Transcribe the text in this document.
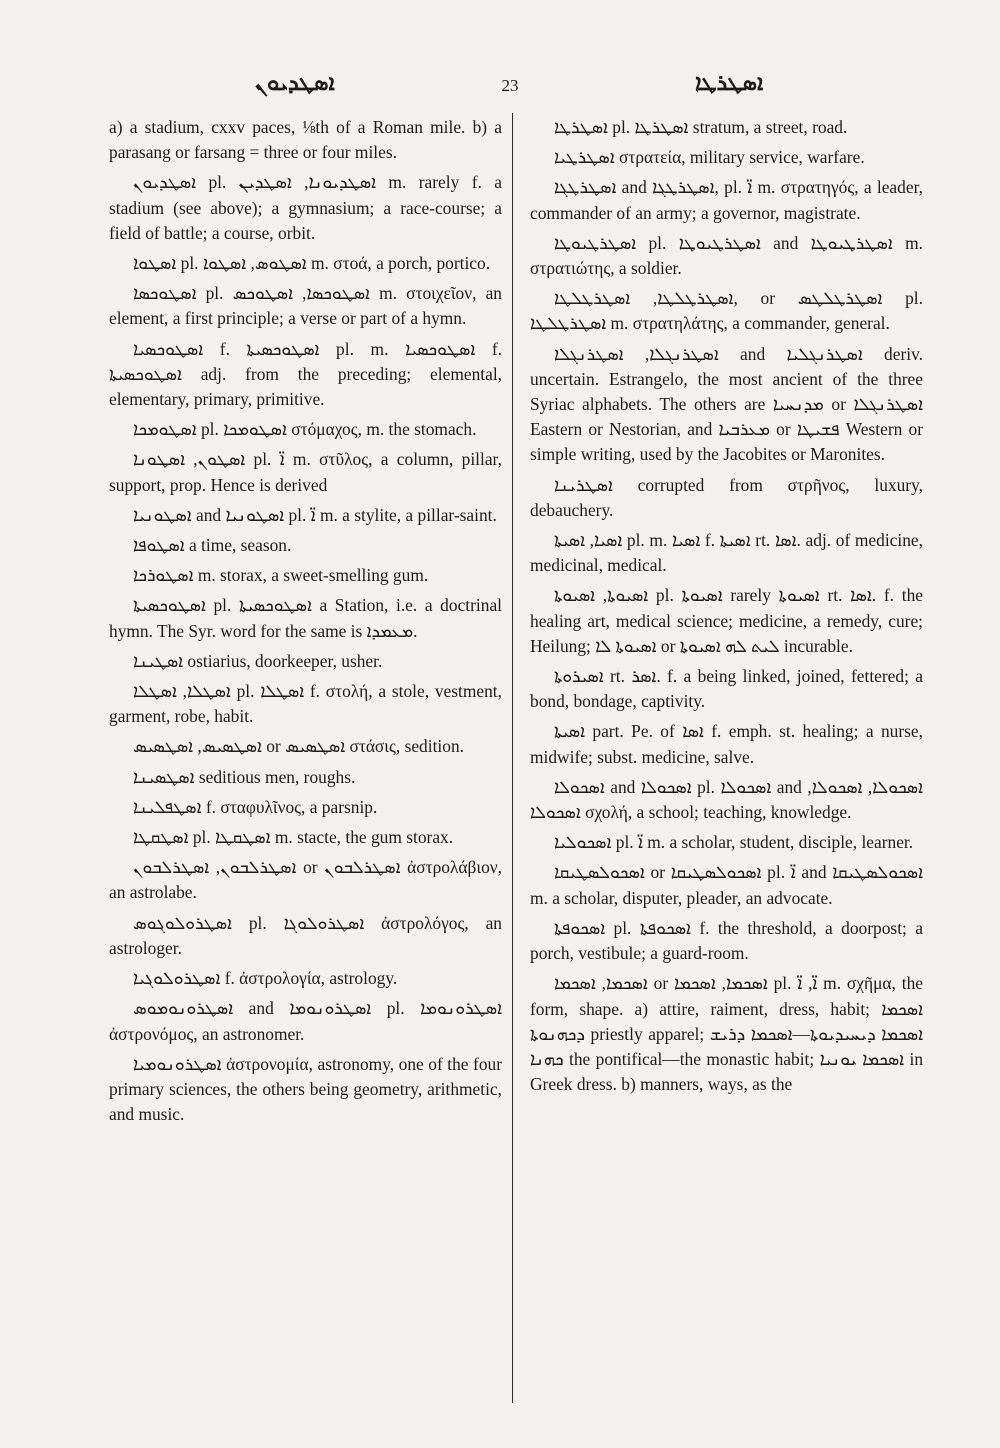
ܐܣܛܕܝܘܢ	23	ܐܣܛܪܛܐ

a) a stadium, cxxv paces, ⅛th of a Roman mile. b) a parasang or farsang = three or four miles.

ܐܣܛܕܝܘܢ pl. ܐܣܛܕܝܘܢܐ, ܐܣܛܕܝܢ m. rarely f. a stadium (see above); a gymnasium; a race-course; a field of battle; a course, orbit.

ܐܣܛܘܐ pl. ܐܣܛܘܣ, ܐܣܛܘܐ m. στοά, a porch, portico.

ܐܣܛܘܟܣܐ pl. ܐܣܛܘܟܣܐ, ܐܣܛܘܟܣ m. στοιχεῖον, an element, a first principle; a verse or part of a hymn.

ܐܣܛܘܟܣܝܐ f. ܐܣܛܘܟܣܝܬܐ pl. m. ܐܣܛܘܟܣܝܐ f. ܐܣܛܘܟܣܝܬܐ adj. from the preceding; elemental, elementary, primary, primitive.

ܐܣܛܘܡܟܐ pl. ܐܣܛܘܡܟܐ στόμαχος, m. the stomach.

ܐܣܛܘܢ, ܐܣܛܘܢܐ pl. ܐ̈ m. στῦλος, a column, pillar, support, prop. Hence is derived

ܐܣܛܘܢܝܐ and ܐܣܛܘܢܝܐ pl. ܐ̈ m. a stylite, a pillar-saint.

ܐܣܛܘܦܐ a time, season.

ܐܣܛܘܪܟܐ m. storax, a sweet-smelling gum.

ܐܣܛܘܟܣܝܬܐ pl. ܐܣܛܘܟܣܝܬܐ a Station, i.e. a doctrinal hymn. The Syr. word for the same is ܡܥܡܕܐ.

ܐܣܛܝܢܐ ostiarius, doorkeeper, usher.

ܐܣܛܠܐ, ܐܣܛܠܐ pl. ܐܣܛܠܐ f. στολή, a stole, vestment, garment, robe, habit.

ܐܣܛܣܝܣ, ܐܣܛܣܝܣ or ܐܣܛܣܝܣ στάσις, sedition.

ܐܣܛܣܝܢܐ seditious men, roughs.

ܐܣܛܦܠܝܢܐ f. σταφυλῖνος, a parsnip.

ܐܣܛܩܛܐ pl. ܐܣܛܩܛܐ m. stacte, the gum storax.

ܐܣܛܪܠܒܘܢ, ܐܣܛܪܠܒܘܢ or ܐܣܛܪܠܒܘܢ ἀστρολάβιον, an astrolabe.

ܐܣܛܪܘܠܘܓܘܣ pl. ܐܣܛܪܘܠܘܓܐ ἀστρολόγος, an astrologer.

ܐܣܛܪܘܠܘܓܝܐ f. ἀστρολογία, astrology.

ܐܣܛܪܘܢܘܡܘܣ and ܐܣܛܪܘܢܘܡܐ pl. ܐܣܛܪܘܢܘܡܐ ἀστρονόμος, an astronomer.

ܐܣܛܪܘܢܘܡܝܐ ἀστρονομία, astronomy, one of the four primary sciences, the others being geometry, arithmetic, and music.

ܐܣܛܪܛܐ pl. ܐܣܛܪܛܐ stratum, a street, road.

ܐܣܛܪܛܝܐ στρατεία, military service, warfare.

ܐܣܛܪܛܓܐ and ܐܣܛܪܛܓܐ, pl. ܐ̈ m. στρατηγός, a leader, commander of an army; a governor, magistrate.

ܐܣܛܪܛܝܘܛܐ pl. ܐܣܛܪܛܝܘܛܐ and ܐܣܛܪܛܝܘܛܐ m. στρατιώτης, a soldier.

ܐܣܛܪܛܠܛܐ, ܐܣܛܪܛܠܛܐ, or ܐܣܛܪܛܠܛܣ pl. ܐܣܛܪܛܠܛܐ m. στρατηλάτης, a commander, general.

ܐܣܛܪܢܓܠܐ, ܐܣܛܪܢܓܠܐ and ܐܣܛܪܢܓܠܝܐ deriv. uncertain. Estrangelo, the most ancient of the three Syriac alphabets. The others are ܡܕܢܚܝܐ or ܐܣܛܪܢܓܠܐ Eastern or Nestorian, and ܡܥܪܒܝܐ or ܦܫܝܛܐ Western or simple writing, used by the Jacobites or Maronites.

ܐܣܛܪܝܢܐ corrupted from στρῆνος, luxury, debauchery.

ܐܣܝܐ, ܐܣܝܬܐ pl. m. ܐܣܝܐ f. ܐܣܝܬܐ rt. ܐܣܐ. adj. of medicine, medicinal, medical.

ܐܣܝܘܬܐ, ܐܣܝܘܬܐ pl. ܐܣܝܘܬܐ rarely ܐܣܝܘܬܐ rt. ܐܣܐ. f. the healing art, medical science; medicine, a remedy, cure; Heilung; ܐܣܝܘܬܐ ܠܐ or ܠܝܬ ܠܗ ܐܣܝܘܬܐ incurable.

ܐܣܝܪܘܬܐ rt. ܐܣܪ. f. a being linked, joined, fettered; a bond, bondage, captivity.

ܐܣܝܬܐ part. Pe. of ܐܣܐ f. emph. st. healing; a nurse, midwife; subst. medicine, salve.

ܐܣܟܘܠܐ and ܐܣܟܘܠܐ pl. ܐܣܟܘܠܐ and ܐܣܟܘܠܐ, ܐܣܟܘܠܐ, ܐܣܟܘܠܐ σχολή, a school; teaching, knowledge.

ܐܣܟܘܠܝܐ pl. ܐ̈ m. a scholar, student, disciple, learner.

ܐܣܟܘܠܣܛܝܩܐ or ܐܣܟܘܠܣܛܝܩܐ pl. ܐ̈ and ܐܣܟܘܠܣܛܝܩܐ m. a scholar, disputer, pleader, an advocate.

ܐܣܟܘܦܬܐ pl. ܐܣܟܘܦܬܐ f. the threshold, a doorpost; a porch, vestibule; a guard-room.

ܐܣܟܡܐ, ܐܣܟܡܐ or ܐܣܟܡܐ, ܐܣܟܡܐ pl. ܐ̈, ܐ̈ m. σχῆμα, the form, shape. a) attire, raiment, dress, habit; ܐܣܟܡܐ ܕܟܗܢܘܬܐ priestly apparel; ܐܣܟܡܐ ܕܝܚܝܕܝܘܬܐ—ܐܣܟܡܐ ܕܪܝܫ ܟܗܢܐ the pontifical—the monastic habit; ܐܣܟܡܐ ܝܘܢܝܐ in Greek dress. b) manners, ways, as the
